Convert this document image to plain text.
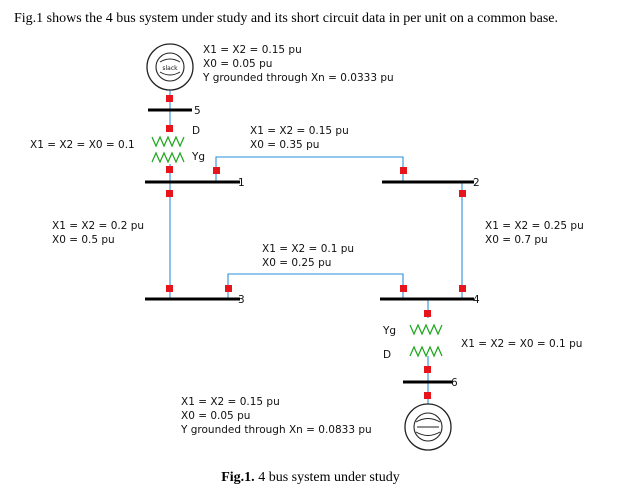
Fig.1 shows the 4 bus system under study and its short circuit data in per unit on a common base.
slack
5
1	2
3	4
6
X1 = X2 = 0.15 pu
X0 = 0.05 pu
Y grounded through Xn = 0.0333 pu
X1 = X2 = 0.15 pu
X0 = 0.05 pu
Y grounded through Xn = 0.0833 pu
X1 = X2 = X0 = 0.1
D
Yg
X1 = X2 = X0 = 0.1 pu
Yg
D
X1 = X2 = 0.15 pu
X0 = 0.35 pu
X1 = X2 = 0.2 pu
X0 = 0.5 pu
X1 = X2 = 0.25 pu
X0 = 0.7 pu
X1 = X2 = 0.1 pu
X0 = 0.25 pu
Fig.1. 4 bus system under study
